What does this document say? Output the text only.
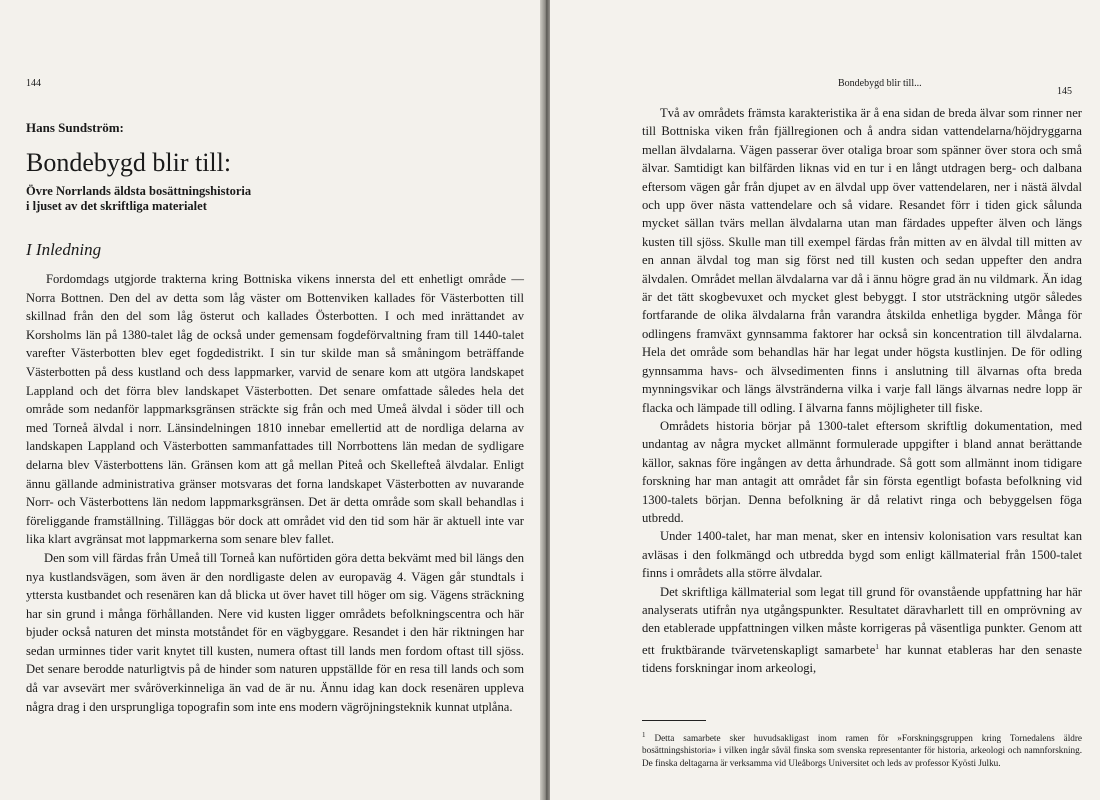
144
Hans Sundström:
Bondebygd blir till:

Övre Norrlands äldsta bosättningshistoria

i ljuset av det skriftliga materialet

I Inledning

Fordomdags utgjorde trakterna kring Bottniska vikens innersta del ett enhetligt område — Norra Bottnen. Den del av detta som låg väster om Bottenviken kallades för Västerbotten till skillnad från den del som låg österut och kallades Österbotten. I och med inrättandet av Korsholms län på 1380-talet låg de också under gemensam fogdeförvaltning fram till 1440-talet varefter Västerbotten blev eget fogdedistrikt. I sin tur skilde man så småningom beträffande Västerbotten på dess kustland och dess lappmarker, varvid de senare kom att utgöra landskapet Lappland och det förra blev landskapet Västerbotten. Det senare omfattade således hela det område som nedanför lappmarksgränsen sträckte sig från och med Umeå älvdal i söder till och med Torneå älvdal i norr. Länsindelningen 1810 innebar emellertid att de nordliga delarna av landskapen Lappland och Västerbotten sammanfattades till Norrbottens län medan de sydligare delarna blev Västerbottens län. Gränsen kom att gå mellan Piteå och Skellefteå älvdalar. Enligt ännu gällande administrativa gränser motsvaras det forna landskapet Västerbotten av nuvarande Norr- och Västerbottens län nedom lappmarksgränsen. Det är detta område som skall behandlas i föreliggande framställning. Tilläggas bör dock att området vid den tid som här är aktuell inte var lika klart avgränsat mot lappmarkerna som senare blev fallet.

Den som vill färdas från Umeå till Torneå kan nuförtiden göra detta bekvämt med bil längs den nya kustlandsvägen, som även är den nordligaste delen av europaväg 4. Vägen går stundtals i yttersta kustbandet och resenären kan då blicka ut över havet till höger om sig. Vägens sträckning har sin grund i många förhållanden. Nere vid kusten ligger områdets befolkningscentra och här bjuder också naturen det minsta motståndet för en vägbyggare. Resandet i den här riktningen har sedan urminnes tider varit knytet till kusten, numera oftast till lands men fordom oftast till sjöss. Det senare berodde naturligtvis på de hinder som naturen uppställde för en resa till lands och som då var avsevärt mer svåröverkinneliga än vad de är nu. Ännu idag kan dock resenären uppleva några drag i den ursprungliga topografin som inte ens modern vägröjningsteknik kunnat utplåna.

Bondebygd blir till...
145

Två av områdets främsta karakteristika är å ena sidan de breda älvar som rinner ner till Bottniska viken från fjällregionen och å andra sidan vattendelarna/höjdryggarna mellan älvdalarna. Vägen passerar över otaliga broar som spänner över stora och små älvar. Samtidigt kan bilfärden liknas vid en tur i en långt utdragen berg- och dalbana eftersom vägen går från djupet av en älvdal upp över vattendelaren, ner i nästä älvdal och upp över nästa vattendelare och så vidare. Resandet förr i tiden gick sålunda mycket sällan tvärs mellan älvdalarna utan man färdades uppefter älven och längs kusten till sjöss. Skulle man till exempel färdas från mitten av en älvdal till mitten av en annan älvdal tog man sig först ned till kusten och sedan uppefter den andra älvdalen. Området mellan älvdalarna var då i ännu högre grad än nu vildmark. Än idag är det tätt skogbevuxet och mycket glest bebyggt. I stor utsträckning utgör således fortfarande de olika älvdalarna från varandra åtskilda enhetliga bygder. Många för odlingens framväxt gynnsamma faktorer har också sin koncentration till älvdalarna. Hela det område som behandlas här har legat under högsta kustlinjen. De för odling gynnsamma havs- och älvsedimenten finns i anslutning till älvarnas ofta breda mynningsvikar och längs älvstränderna vilka i varje fall längs älvarnas nedre lopp är flacka och lämpade till odling. I älvarna fanns möjligheter till fiske.

Områdets historia börjar på 1300-talet eftersom skriftlig dokumentation, med undantag av några mycket allmännt formulerade uppgifter i bland annat berättande källor, saknas före ingången av detta århundrade. Så gott som allmännt inom tidigare forskning har man antagit att området får sin första egentligt bofasta befolkning vid 1300-talets början. Denna befolkning är då relativt ringa och bebyggelsen föga utbredd.

Under 1400-talet, har man menat, sker en intensiv kolonisation vars resultat kan avläsas i den folkmängd och utbredda bygd som enligt källmaterial från 1500-talet finns i områdets alla större älvdalar.

Det skriftliga källmaterial som legat till grund för ovanstående uppfattning har här analyserats utifrån nya utgångspunkter. Resultatet däravharlett till en omprövning av den etablerade uppfattningen vilken måste korrigeras på väsentliga punkter. Genom att ett fruktbärande tvärvetenskapligt samarbete$^1$ har kunnat etableras har den senaste tidens forskningar inom arkeologi,

$^1$ Detta samarbete sker huvudsakligast inom ramen för »Forskningsgruppen kring Tornedalens äldre bosättningshistoria» i vilken ingår såväl finska som svenska representanter för historia, arkeologi och namnforskning. De finska deltagarna är verksamma vid Uleåborgs Universitet och leds av professor Kyösti Julku.
